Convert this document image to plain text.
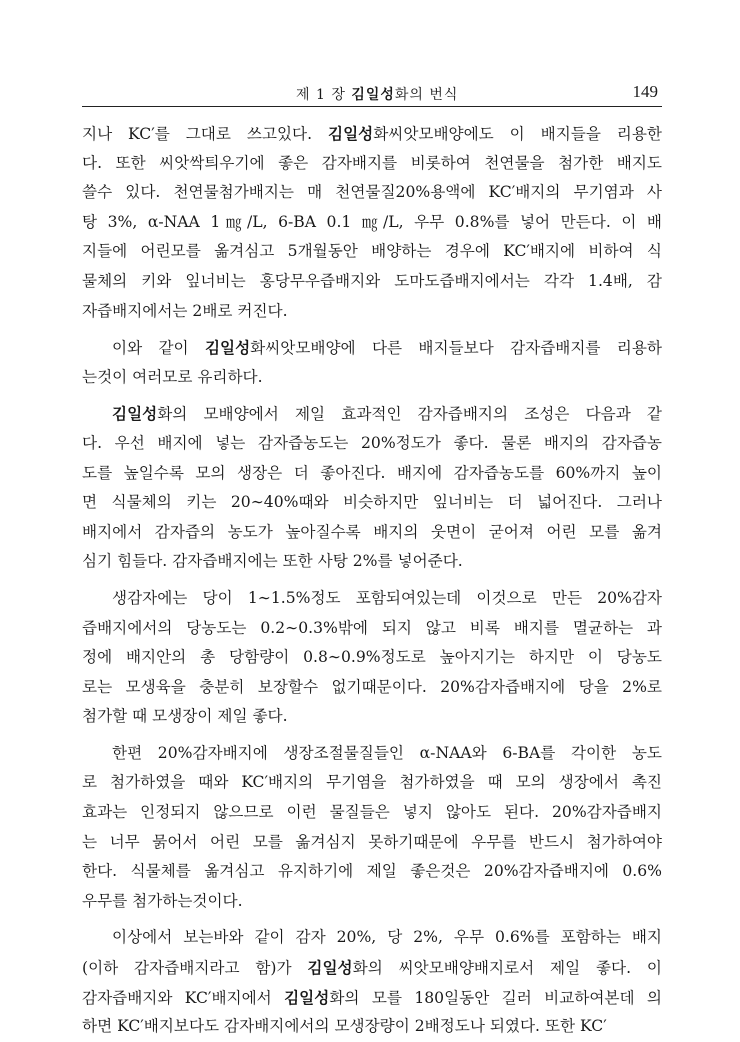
제 1 장 김일성화의 번식	149
지나 KC′를 그대로 쓰고있다. 김일성화씨앗모배양에도 이 배지들을 리용한
다. 또한 씨앗싹틔우기에 좋은 감자배지를 비롯하여 천연물을 첨가한 배지도
쓸수 있다. 천연물첨가배지는 매 천연물질20%용액에 KC′배지의 무기염과 사
탕 3%, α-NAA 1㎎/L, 6-BA 0.1 ㎎/L, 우무 0.8%를 넣어 만든다. 이 배
지들에 어린모를 옮겨심고 5개월동안 배양하는 경우에 KC′배지에 비하여 식
물체의 키와 잎너비는 홍당무우즙배지와 도마도즙배지에서는 각각 1.4배, 감
자즙배지에서는 2배로 커진다.
이와 같이 김일성화씨앗모배양에 다른 배지들보다 감자즙배지를 리용하
는것이 여러모로 유리하다.
김일성화의 모배양에서 제일 효과적인 감자즙배지의 조성은 다음과 같
다. 우선 배지에 넣는 감자즙농도는 20%정도가 좋다. 물론 배지의 감자즙농
도를 높일수록 모의 생장은 더 좋아진다. 배지에 감자즙농도를 60%까지 높이
면 식물체의 키는 20∼40%때와 비슷하지만 잎너비는 더 넓어진다. 그러나
배지에서 감자즙의 농도가 높아질수록 배지의 웃면이 굳어져 어린 모를 옮겨
심기 힘들다. 감자즙배지에는 또한 사탕 2%를 넣어준다.
생감자에는 당이 1∼1.5%정도 포함되여있는데 이것으로 만든 20%감자
즙배지에서의 당농도는 0.2∼0.3%밖에 되지 않고 비록 배지를 멸균하는 과
정에 배지안의 총 당함량이 0.8∼0.9%정도로 높아지기는 하지만 이 당농도
로는 모생육을 충분히 보장할수 없기때문이다. 20%감자즙배지에 당을 2%로
첨가할 때 모생장이 제일 좋다.
한편 20%감자배지에 생장조절물질들인 α-NAA와 6-BA를 각이한 농도
로 첨가하였을 때와 KC′배지의 무기염을 첨가하였을 때 모의 생장에서 촉진
효과는 인정되지 않으므로 이런 물질들은 넣지 않아도 된다. 20%감자즙배지
는 너무 묽어서 어린 모를 옮겨심지 못하기때문에 우무를 반드시 첨가하여야
한다. 식물체를 옮겨심고 유지하기에 제일 좋은것은 20%감자즙배지에 0.6%
우무를 첨가하는것이다.
이상에서 보는바와 같이 감자 20%, 당 2%, 우무 0.6%를 포함하는 배지
(이하 감자즙배지라고 함)가 김일성화의 씨앗모배양배지로서 제일 좋다. 이
감자즙배지와 KC′배지에서 김일성화의 모를 180일동안 길러 비교하여본데 의
하면 KC′배지보다도 감자배지에서의 모생장량이 2배정도나 되였다. 또한 KC′
